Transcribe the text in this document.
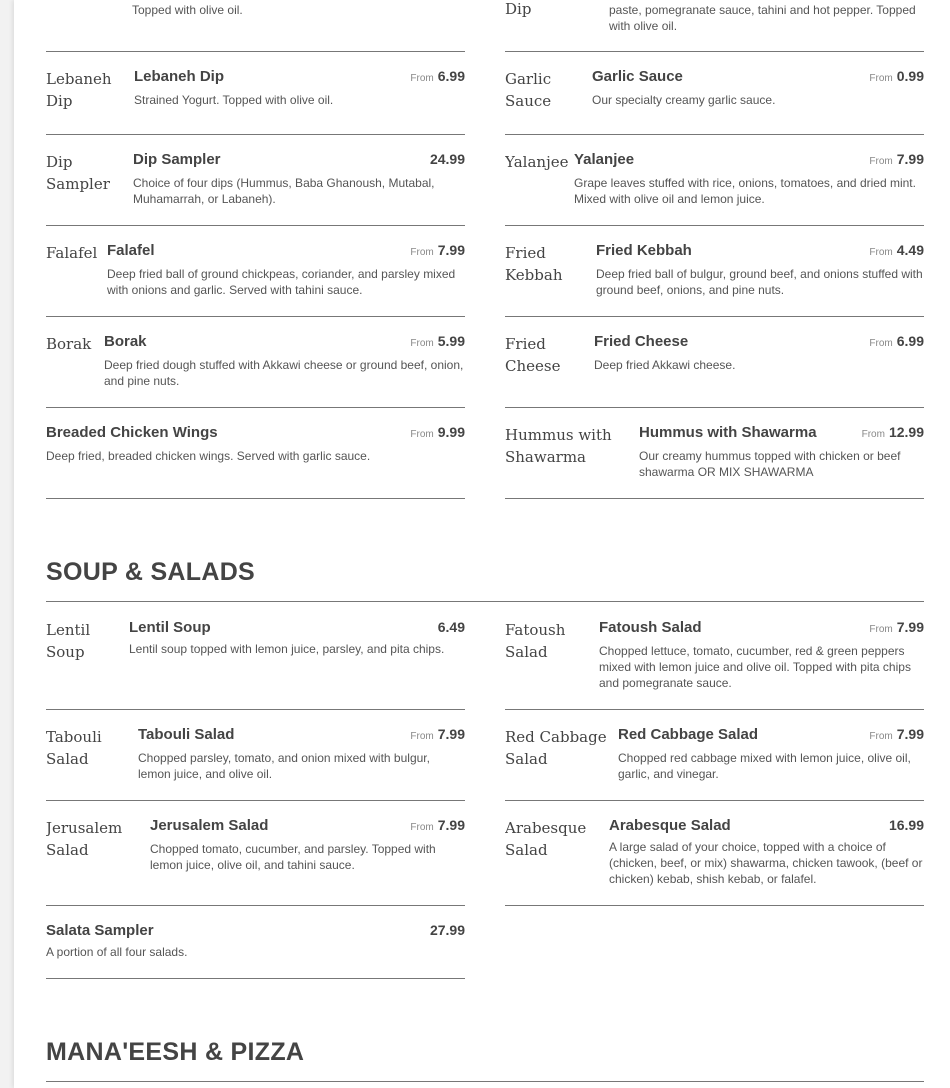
Topped with olive oil.	Dip	paste, pomegranate sauce, tahini and hot pepper. Topped with olive oil.
Lebaneh Dip
Lebaneh Dip	From 6.99
Strained Yogurt. Topped with olive oil.
Garlic Sauce
Garlic Sauce	From 0.99
Our specialty creamy garlic sauce.
Dip Sampler
Dip Sampler	24.99
Choice of four dips (Hummus, Baba Ghanoush, Mutabal, Muhamarrah, or Labaneh).
Yalanjee Yalanjee	From 7.99
Grape leaves stuffed with rice, onions, tomatoes, and dried mint. Mixed with olive oil and lemon juice.
Falafel Falafel	From 7.99
Deep fried ball of ground chickpeas, coriander, and parsley mixed with onions and garlic. Served with tahini sauce.
Fried Kebbah
Fried Kebbah	From 4.49
Deep fried ball of bulgur, ground beef, and onions stuffed with ground beef, onions, and pine nuts.
Borak Borak	From 5.99
Deep fried dough stuffed with Akkawi cheese or ground beef, onion, and pine nuts.
Fried Cheese
Fried Cheese	From 6.99
Deep fried Akkawi cheese.
Breaded Chicken Wings	From 9.99
Deep fried, breaded chicken wings. Served with garlic sauce.
Hummus with Shawarma
Hummus with Shawarma	From 12.99
Our creamy hummus topped with chicken or beef shawarma OR MIX SHAWARMA
SOUP & SALADS
Lentil Soup
Lentil Soup	6.49
Lentil soup topped with lemon juice, parsley, and pita chips.
Fatoush Salad
Fatoush Salad	From 7.99
Chopped lettuce, tomato, cucumber, red & green peppers mixed with lemon juice and olive oil. Topped with pita chips and pomegranate sauce.
Tabouli Salad
Tabouli Salad	From 7.99
Chopped parsley, tomato, and onion mixed with bulgur, lemon juice, and olive oil.
Red Cabbage Salad
Red Cabbage Salad	From 7.99
Chopped red cabbage mixed with lemon juice, olive oil, garlic, and vinegar.
Jerusalem Salad
Jerusalem Salad	From 7.99
Chopped tomato, cucumber, and parsley. Topped with lemon juice, olive oil, and tahini sauce.
Arabesque Salad
Arabesque Salad	16.99
A large salad of your choice, topped with a choice of (chicken, beef, or mix) shawarma, chicken tawook, (beef or chicken) kebab, shish kebab, or falafel.
Salata Sampler	27.99
A portion of all four salads.
MANA'EESH & PIZZA
